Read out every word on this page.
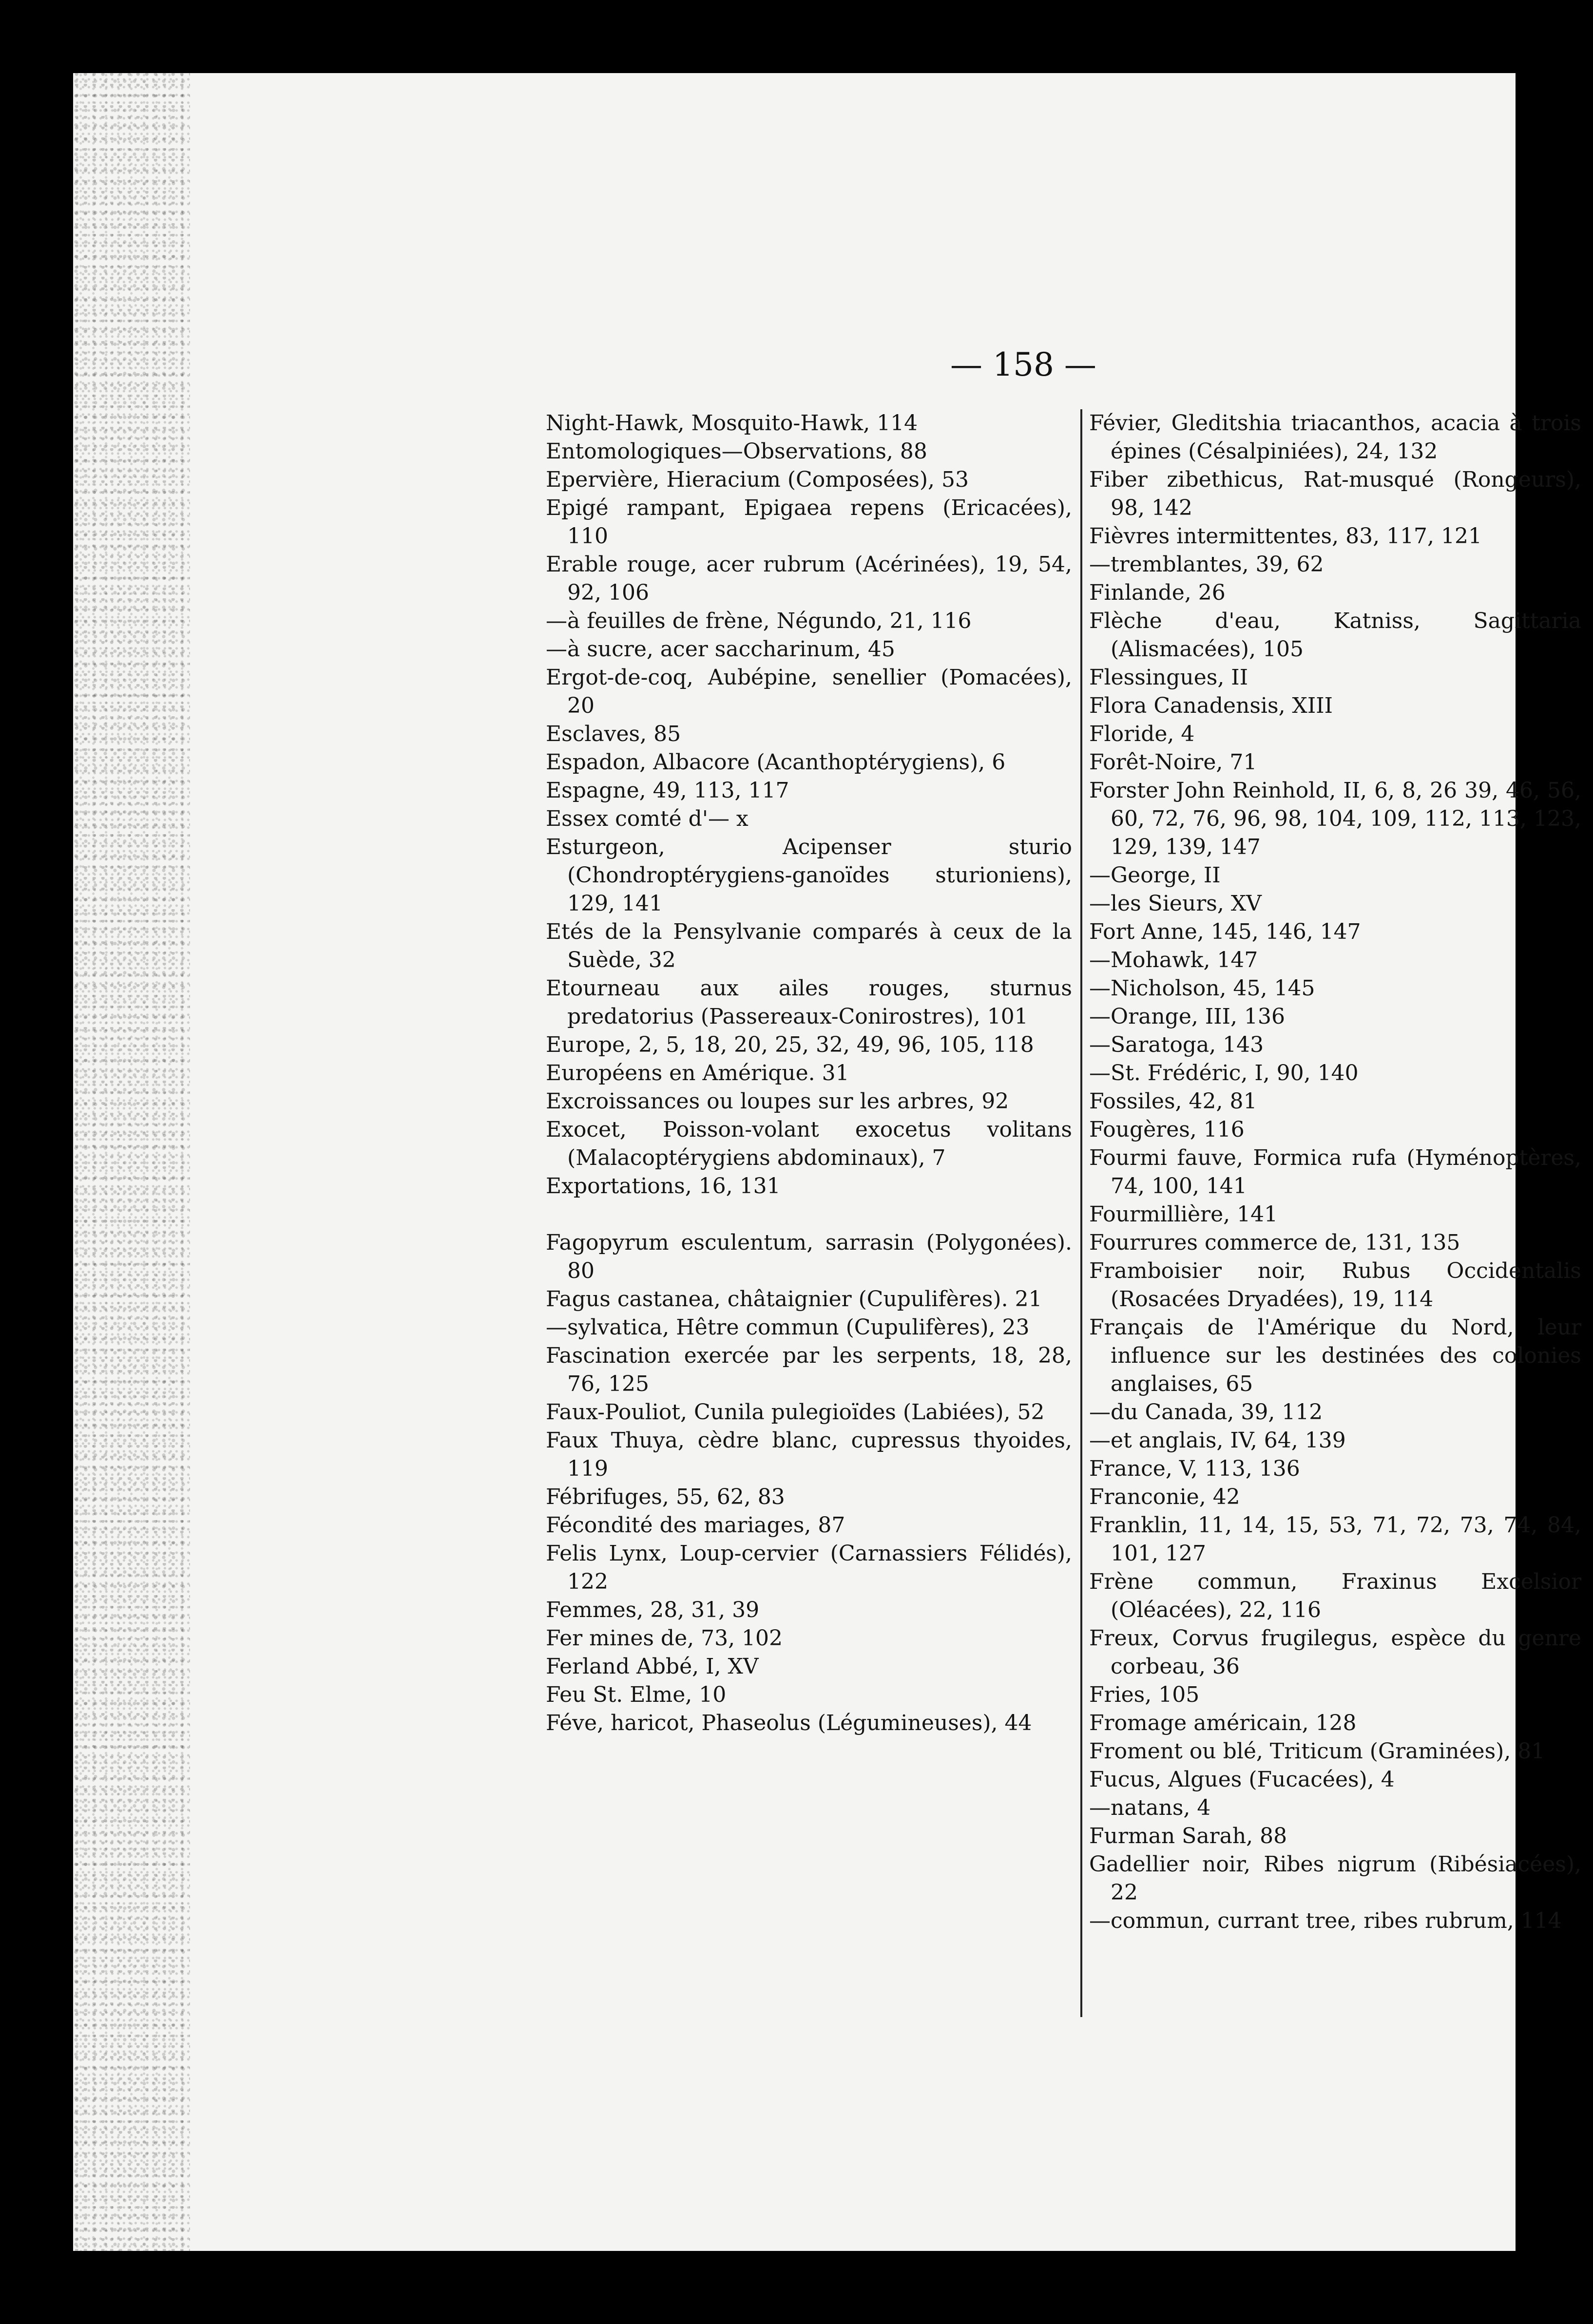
— 158 —

Night-Hawk, Mosquito-Hawk, 114
Entomologiques—Observations, 88
Epervière, Hieracium (Composées), 53
Epigé rampant, Epigaea repens (Ericacées), 110
Erable rouge, acer rubrum (Acérinées), 19, 54, 92, 106
—à feuilles de frène, Négundo, 21, 116
—à sucre, acer saccharinum, 45
Ergot-de-coq, Aubépine, senellier (Pomacées), 20
Esclaves, 85
Espadon, Albacore (Acanthoptérygiens), 6
Espagne, 49, 113, 117
Essex comté d'— x
Esturgeon, Acipenser sturio (Chondroptérygiens-ganoïdes sturioniens), 129, 141
Etés de la Pensylvanie comparés à ceux de la Suède, 32
Etourneau aux ailes rouges, sturnus predatorius (Passereaux-Conirostres), 101
Europe, 2, 5, 18, 20, 25, 32, 49, 96, 105, 118
Européens en Amérique. 31
Excroissances ou loupes sur les arbres, 92
Exocet, Poisson-volant exocetus volitans (Malacoptérygiens abdominaux), 7
Exportations, 16, 131
Fagopyrum esculentum, sarrasin (Polygonées). 80
Fagus castanea, châtaignier (Cupulifères). 21
—sylvatica, Hêtre commun (Cupulifères), 23
Fascination exercée par les serpents, 18, 28, 76, 125
Faux-Pouliot, Cunila pulegioïdes (Labiées), 52
Faux Thuya, cèdre blanc, cupressus thyoides, 119
Fébrifuges, 55, 62, 83
Fécondité des mariages, 87
Felis Lynx, Loup-cervier (Carnassiers Félidés), 122
Femmes, 28, 31, 39
Fer mines de, 73, 102
Ferland Abbé, I, XV
Feu St. Elme, 10
Féve, haricot, Phaseolus (Légumineuses), 44
Févier, Gleditshia triacanthos, acacia à trois épines (Césalpiniées), 24, 132
Fiber zibethicus, Rat-musqué (Rongeurs), 98, 142
Fièvres intermittentes, 83, 117, 121
—tremblantes, 39, 62
Finlande, 26
Flèche d'eau, Katniss, Sagittaria (Alismacées), 105
Flessingues, II
Flora Canadensis, XIII
Floride, 4
Forêt-Noire, 71
Forster John Reinhold, II, 6, 8, 26 39, 46, 56, 60, 72, 76, 96, 98, 104, 109, 112, 113, 123, 129, 139, 147
—George, II
—les Sieurs, XV
Fort Anne, 145, 146, 147
—Mohawk, 147
—Nicholson, 45, 145
—Orange, III, 136
—Saratoga, 143
—St. Frédéric, I, 90, 140
Fossiles, 42, 81
Fougères, 116
Fourmi fauve, Formica rufa (Hyménoptères, 74, 100, 141
Fourmillière, 141
Fourrures commerce de, 131, 135
Framboisier noir, Rubus Occidentalis (Rosacées Dryadées), 19, 114
Français de l'Amérique du Nord, leur influence sur les destinées des colonies anglaises, 65
—du Canada, 39, 112
—et anglais, IV, 64, 139
France, V, 113, 136
Franconie, 42
Franklin, 11, 14, 15, 53, 71, 72, 73, 74, 84, 101, 127
Frène commun, Fraxinus Excelsior (Oléacées), 22, 116
Freux, Corvus frugilegus, espèce du genre corbeau, 36
Fries, 105
Fromage américain, 128
Froment ou blé, Triticum (Graminées), 81
Fucus, Algues (Fucacées), 4
—natans, 4
Furman Sarah, 88
Gadellier noir, Ribes nigrum (Ribésiacées), 22
—commun, currant tree, ribes rubrum, 114
